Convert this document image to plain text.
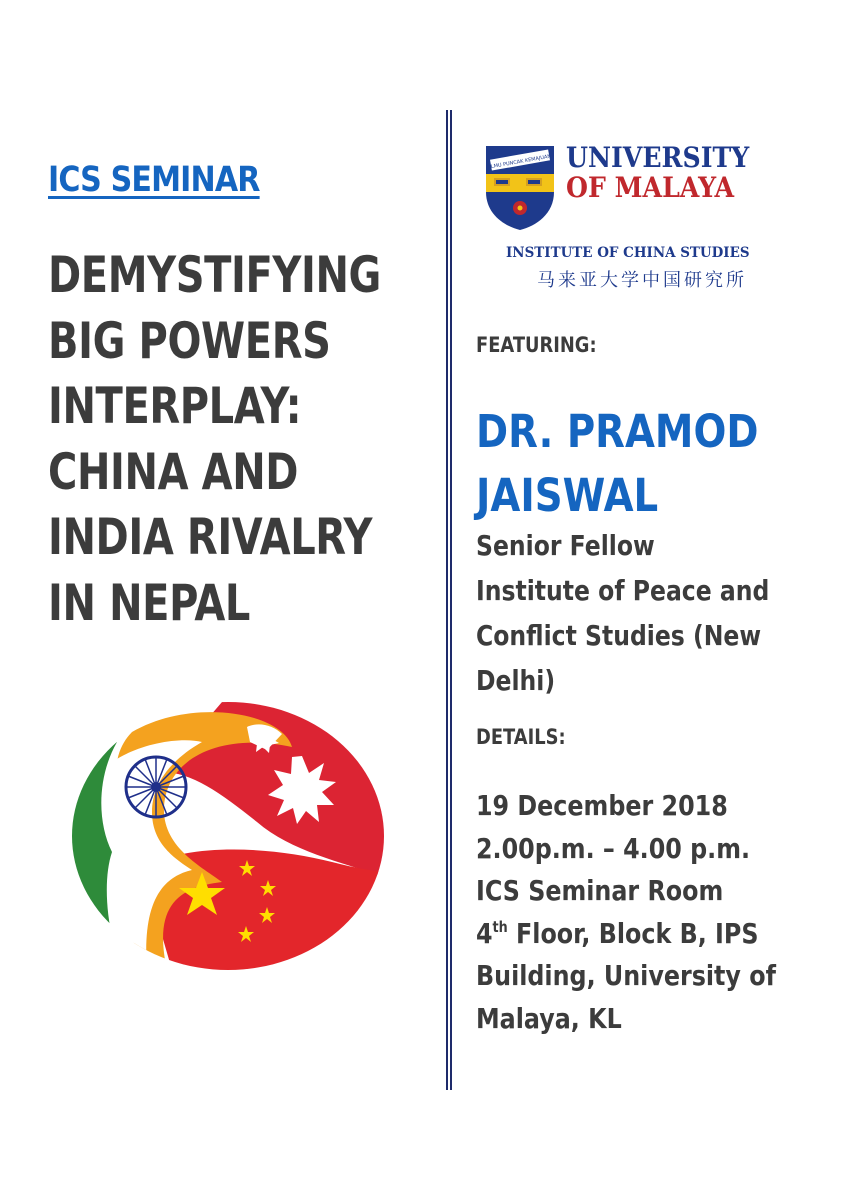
ICS SEMINAR
DEMYSTIFYING
BIG POWERS
INTERPLAY:
CHINA AND
INDIA RIVALRY
IN NEPAL
ILMU PUNCAK KEMAJUAN UNIVERSITY
OF MALAYA
INSTITUTE OF CHINA STUDIES
马来亚大学中国研究所
FEATURING:
DR. PRAMOD
JAISWAL

Senior Fellow
Institute of Peace and
Conflict Studies (New
Delhi)

DETAILS:
19 December 2018
2.00p.m. – 4.00 p.m.
ICS Seminar Room
4th Floor, Block B, IPS
Building, University of
Malaya, KL
